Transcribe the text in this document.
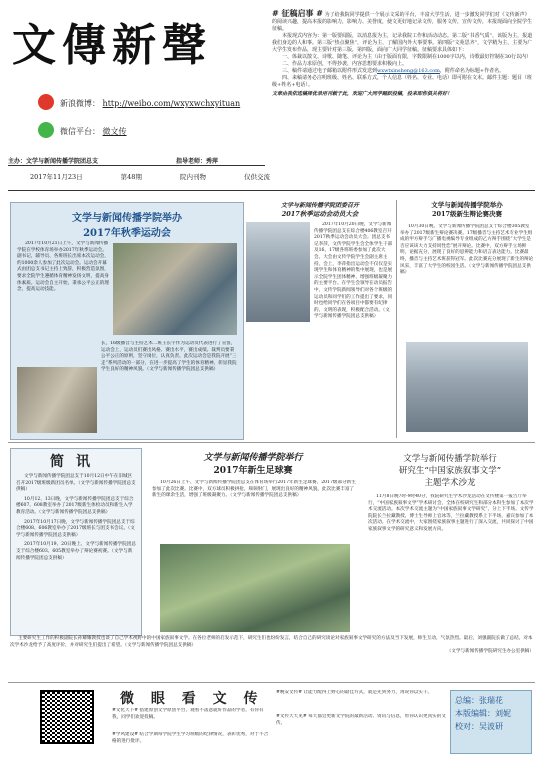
文傳新聲
新浪微博： http://weibo.com/wxyxwchxyituan
微信平台： 微文传
主办：文学与新闻传播学院团总支	指导老师：秀萍
2017年11月23日	第48期	院内刊物	仅供交流
# 征稿启事 # 为了给我院同学提供一个展示文采的平台，丰富大学生活，进一步激发同学们对《文传新声》的阅读兴趣，提高本报的影响力，影响力、美誉度，使文更好地记录文传，服务文传，宣传文传，本报现面向全院学生征稿。

本报现式内容为：第一版要闻版，以消息报为主，记录我院工作和活动动态。第二版“书香气质”，该版为主，报道我们身边的人和事。第三版“热点聚焦”，评论为主，了解国内外大事要事。第四版“文苑思齐”，文学精为主，主要为广大学生发布作品，现主要针对第三版，第四版，面向广大同学征稿。征稿要求具体如下：

一、体裁以散文、诗歌、随笔、评论为主（由于版面有限，字数限制在1000字以内，诗歌最好控制在30行以内）

二、作品力求原创，不得抄袭，内容思想要求积极向上。

三、稿件请通过电子邮箱以附件形式发送到wxwtxinsheng@163.com，附件命名为标题+作者名。

四、来稿请务必注明班级、姓名、联系方式，个人信息（姓名、专业、电话）即可附在文末。邮件主题：题目（班级+姓名+电话）。

文章由我依选稿择优录用刊载于此，欢迎广大同学踊跃投稿，投来即你俱关将好！

文学与新闻传播学院举办
2017年秋季运动会

2017年10月21日上午，文学与新闻传播学院在学校体育场举办2017年秋季运动会。副书记、辅导员、各班班长出席本次运动会，约1000余人参加了此次运动会。运动会开幕式由团总支书记主持上致辞，积极营造氛围，要求全院学生遵循体育精神发扬文明，提高身体素质。运动会自主开始，秉承公平公正的理念，提高运动技能。

长，16级播音与主持艺术二班王长宇作为运动员代表进行了宣誓，运动会上，运动员们赛出风格、赛出水平，赛出成绩。裁判员要秉公平公正的原则，坚守岗位，认真负责。此次运动会是我院开展“三走”系列活动的一部分，在进一步提高了学生的体育精神、彰显我院学生良好的精神风貌。（文学与新闻传播学院团总支供稿）

文学与新闻传播学院团委召开
2017秋季运动会动员大会

2017年10月20日晚，文学与新闻传播学院团总支在综合楼406教室召开2017秋季运动会动员大会。团总支书记李萍，文传学院学生会全体学生干部及16、17级各班班委参加了此次大会。大会由文传学院学生会副主席主持。会上，李萍指出运动会不仅仅是实现学生和体育精神的集中展现，也是展示全院学生团体精神、增强班级凝聚力的主要平台。在学生会领导在动员报告中，文传学院新闻领导们对各个班级的运动员和同学们的工作提出了要求，同时也给同学们在各项目中都要有纪律的、文明的表现，积极配合活动。（文学与新闻传播学院团总支供稿）

文学与新闻传播学院举办
2017级新生辩论赛决赛

10月30日晚，文学与新闻传播学院团总支于综合楼305教室举办了2017级新生辩论赛决赛。17级播音与主持艺术专业学生组成的甲方辩手与广播电视编导专业组成的乙方辩手围绕“大学生是否应该该大力支持同性恋”展开辩论。比赛中，双方辩手立场鲜明，论据充分，展现了良好的思辨能力和语言表达能力。比赛最终，播音与主持艺术班获得冠军。此次比赛充分展现了新生的辩论风采，丰富了大学生的校园生活。（文学与新闻传播学院团总支供稿）

简讯

文学与新闻传播学院团总支于10月12日中午在旧城区召开2017级班级新团员名单。（文学与新闻传播学院团总支供稿）

10月12、13日晚，文学与新闻传播学院团总支于综合楼607、608教室举办了2017级新生体检动员和新生入学教育活动。（文学与新闻传播学院团总支供稿）

2017年10月17日晚，文学与新闻传播学院团总支于综合楼608、606教室举办了2017级班长与团支书会议。（文学与新闻传播学院团总支供稿）

2017年10月19、20日晚上，文学与新闻传播学院团总支于综合楼603、605教室举办了辩论赛初赛。（文学与新闻传播学院团总支供稿）

文学与新闻传播学院举行
2017年新生足球赛

10月26日上午，文学与新闻传播学院团总支在体育场举行2017年新生足球赛，2017级部分新生参加了此次比赛。比赛中，双方球员积极拼抢，频频射门，展现出良好的精神风貌。此次比赛丰富了新生的课余生活，增强了班级凝聚力。（文学与新闻传播学院团总支供稿）

文学与新闻传播学院举行
研究生“中国家族叙事文学”
主题学术沙龙

11月8日晚7时-9时40分，我院研究生学术沙龙活动在文传楼第一报告厅举行，“中国家族叙事文学”学术研讨会，全体在校研究生和部分本科生参加了本次学术交流活动。本次学术交流主题为“中国家族叙事文学研究”，分上下半场。文传学院院长兰拉藏教授、博士生导师上官冰等，兰拉藏教授系上下半场，嘉宾参加了本次活动。在学术交流中，大家围绕家族叙事主题进行了深入交流，共同探讨了中国家族叙事文学的研究意义和发展方向。

主要研究生工作的积极副院长孙耀耀教授也谈了自己学术视野中的中国家族叙事文学。在各位老师的启发示范下，研究生们也纷纷发言，结合自己的研究谈论对家族叙事文学研究的方法及当下发展，师生互动，气氛热烈。最后，刘强副院长做了总结，对本次学术沙龙给予了高度评价，并对研究生们提出了希望。（文学与新闻传播学院团总支供稿）

（文学与新闻传播学院研究生办公室供稿）

微 眼 看 文 传

#文化天下# 搭建原创文学原创平台，观看不落意就好作品的学者，有你有我，同学们欢迎投稿。

#学风建设# 结合学期每学院学生学习班级的纪律情况，表彰优秀，对于不合格的进行批评。

#晚安文传# 让能力配得上野心的最佳方式，就是先到努力，再说你以实干。

#文传天天见# 每天都会更新文学院的最新活动、资讯与信息，带你认识更真实的文传。

总编：张瑞花
本版编辑：刘妮
校对：吴波研
